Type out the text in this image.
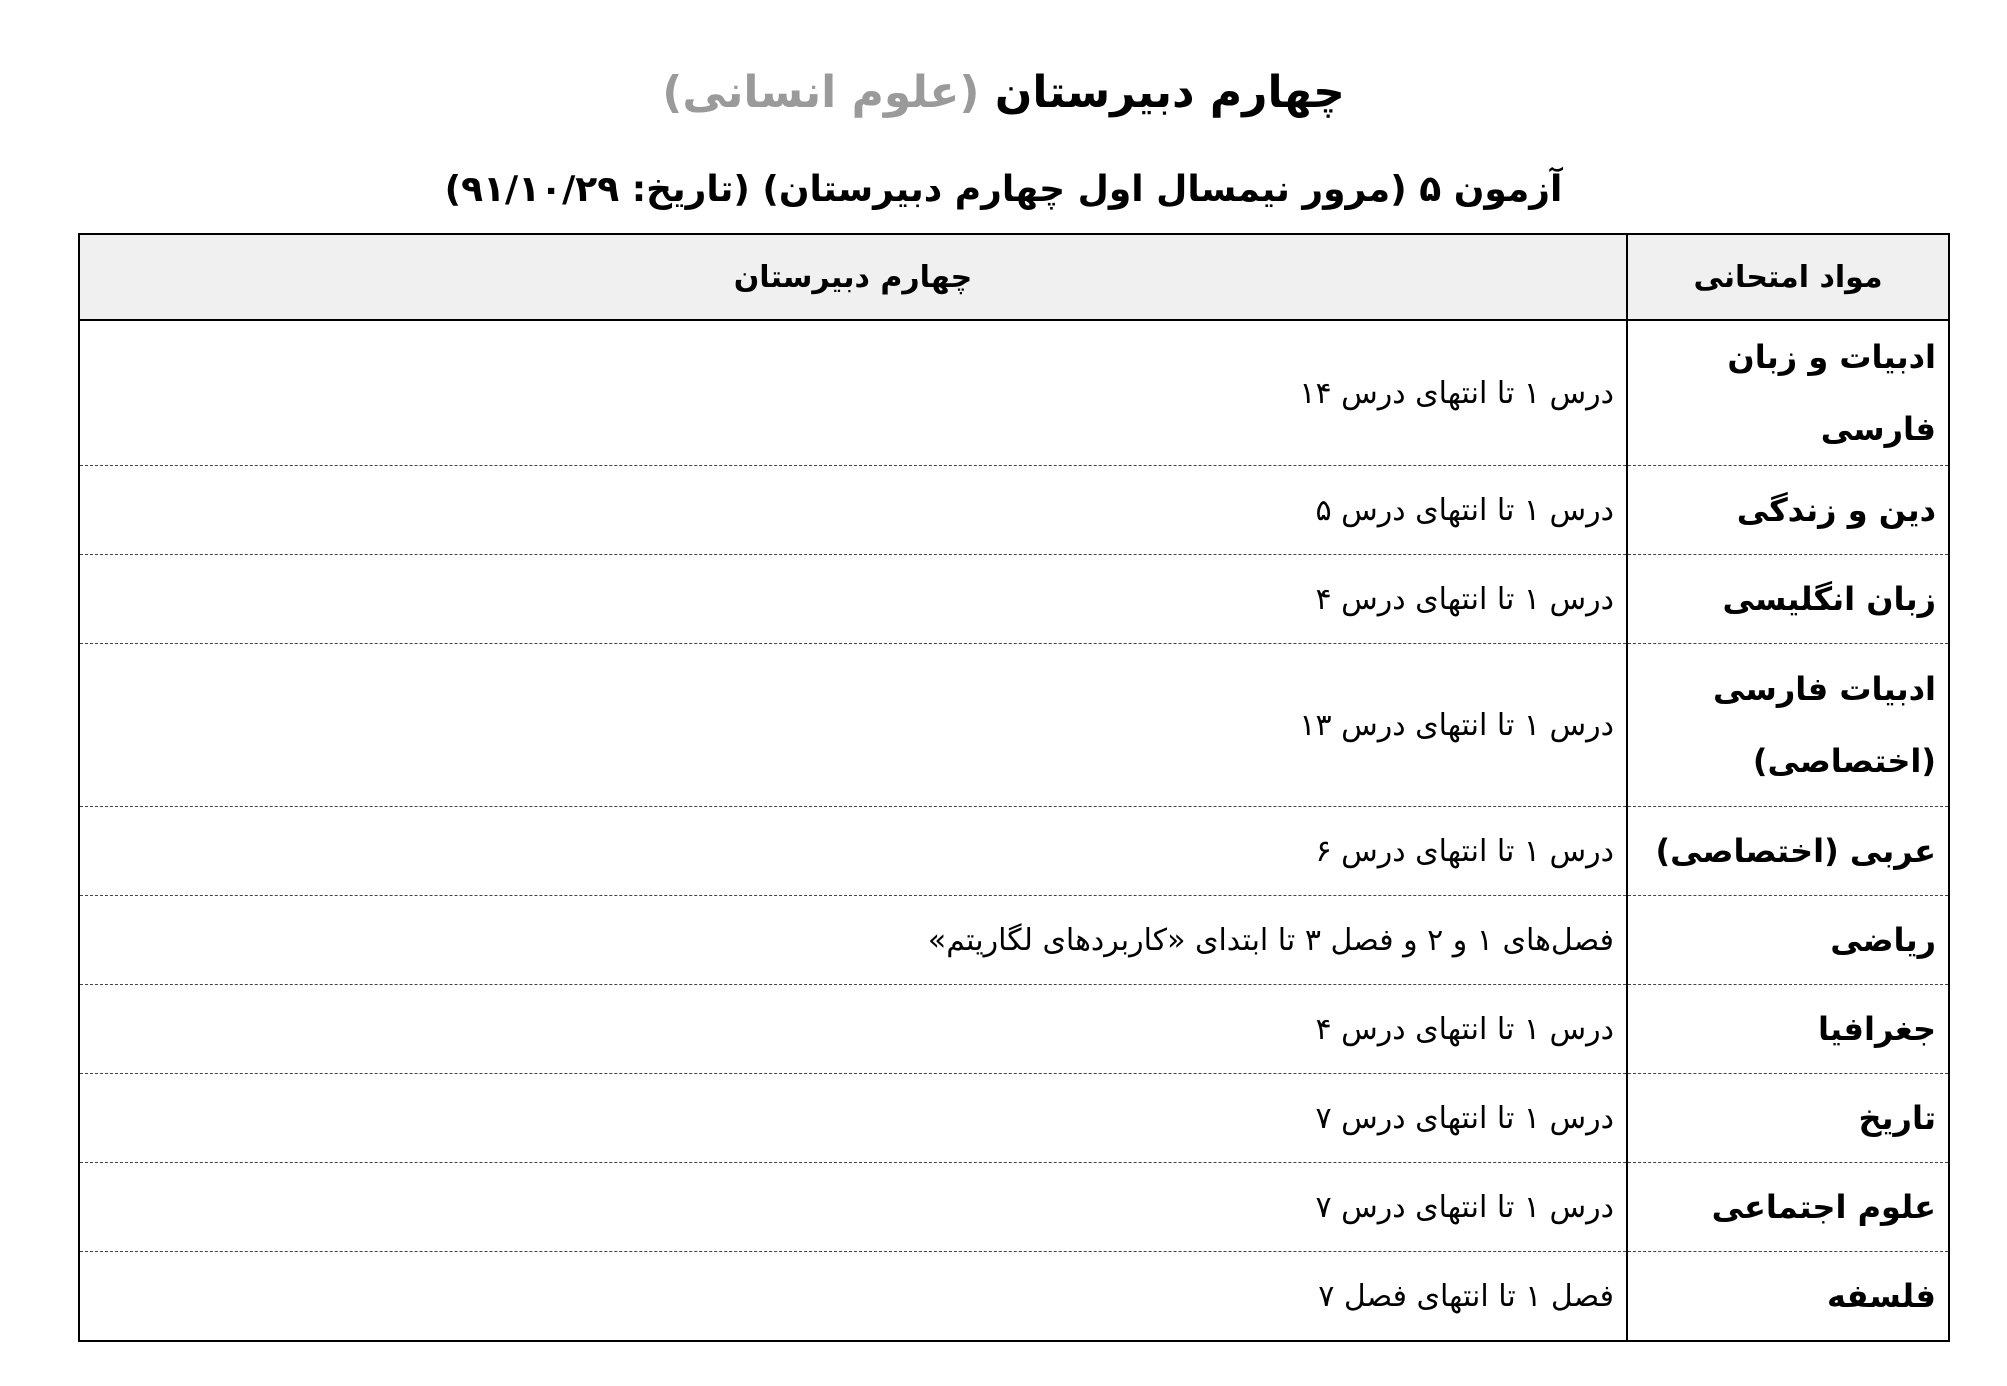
چهارم دبیرستان (علوم انسانی)
آزمون ۵ (مرور نیمسال اول چهارم دبیرستان) (تاریخ: ۹۱/۱۰/۲۹)
مواد امتحانی	چهارم دبیرستان
ادبیات و زبان فارسی	درس ۱ تا انتهای درس ۱۴
دین و زندگی	درس ۱ تا انتهای درس ۵
زبان انگلیسی	درس ۱ تا انتهای درس ۴
ادبیات فارسی (اختصاصی)	درس ۱ تا انتهای درس ۱۳
عربی (اختصاصی)	درس ۱ تا انتهای درس ۶
ریاضی	فصل‌های ۱ و ۲ و فصل ۳ تا ابتدای «کاربردهای لگاریتم»
جغرافیا	درس ۱ تا انتهای درس ۴
تاریخ	درس ۱ تا انتهای درس ۷
علوم اجتماعی	درس ۱ تا انتهای درس ۷
فلسفه	فصل ۱ تا انتهای فصل ۷
